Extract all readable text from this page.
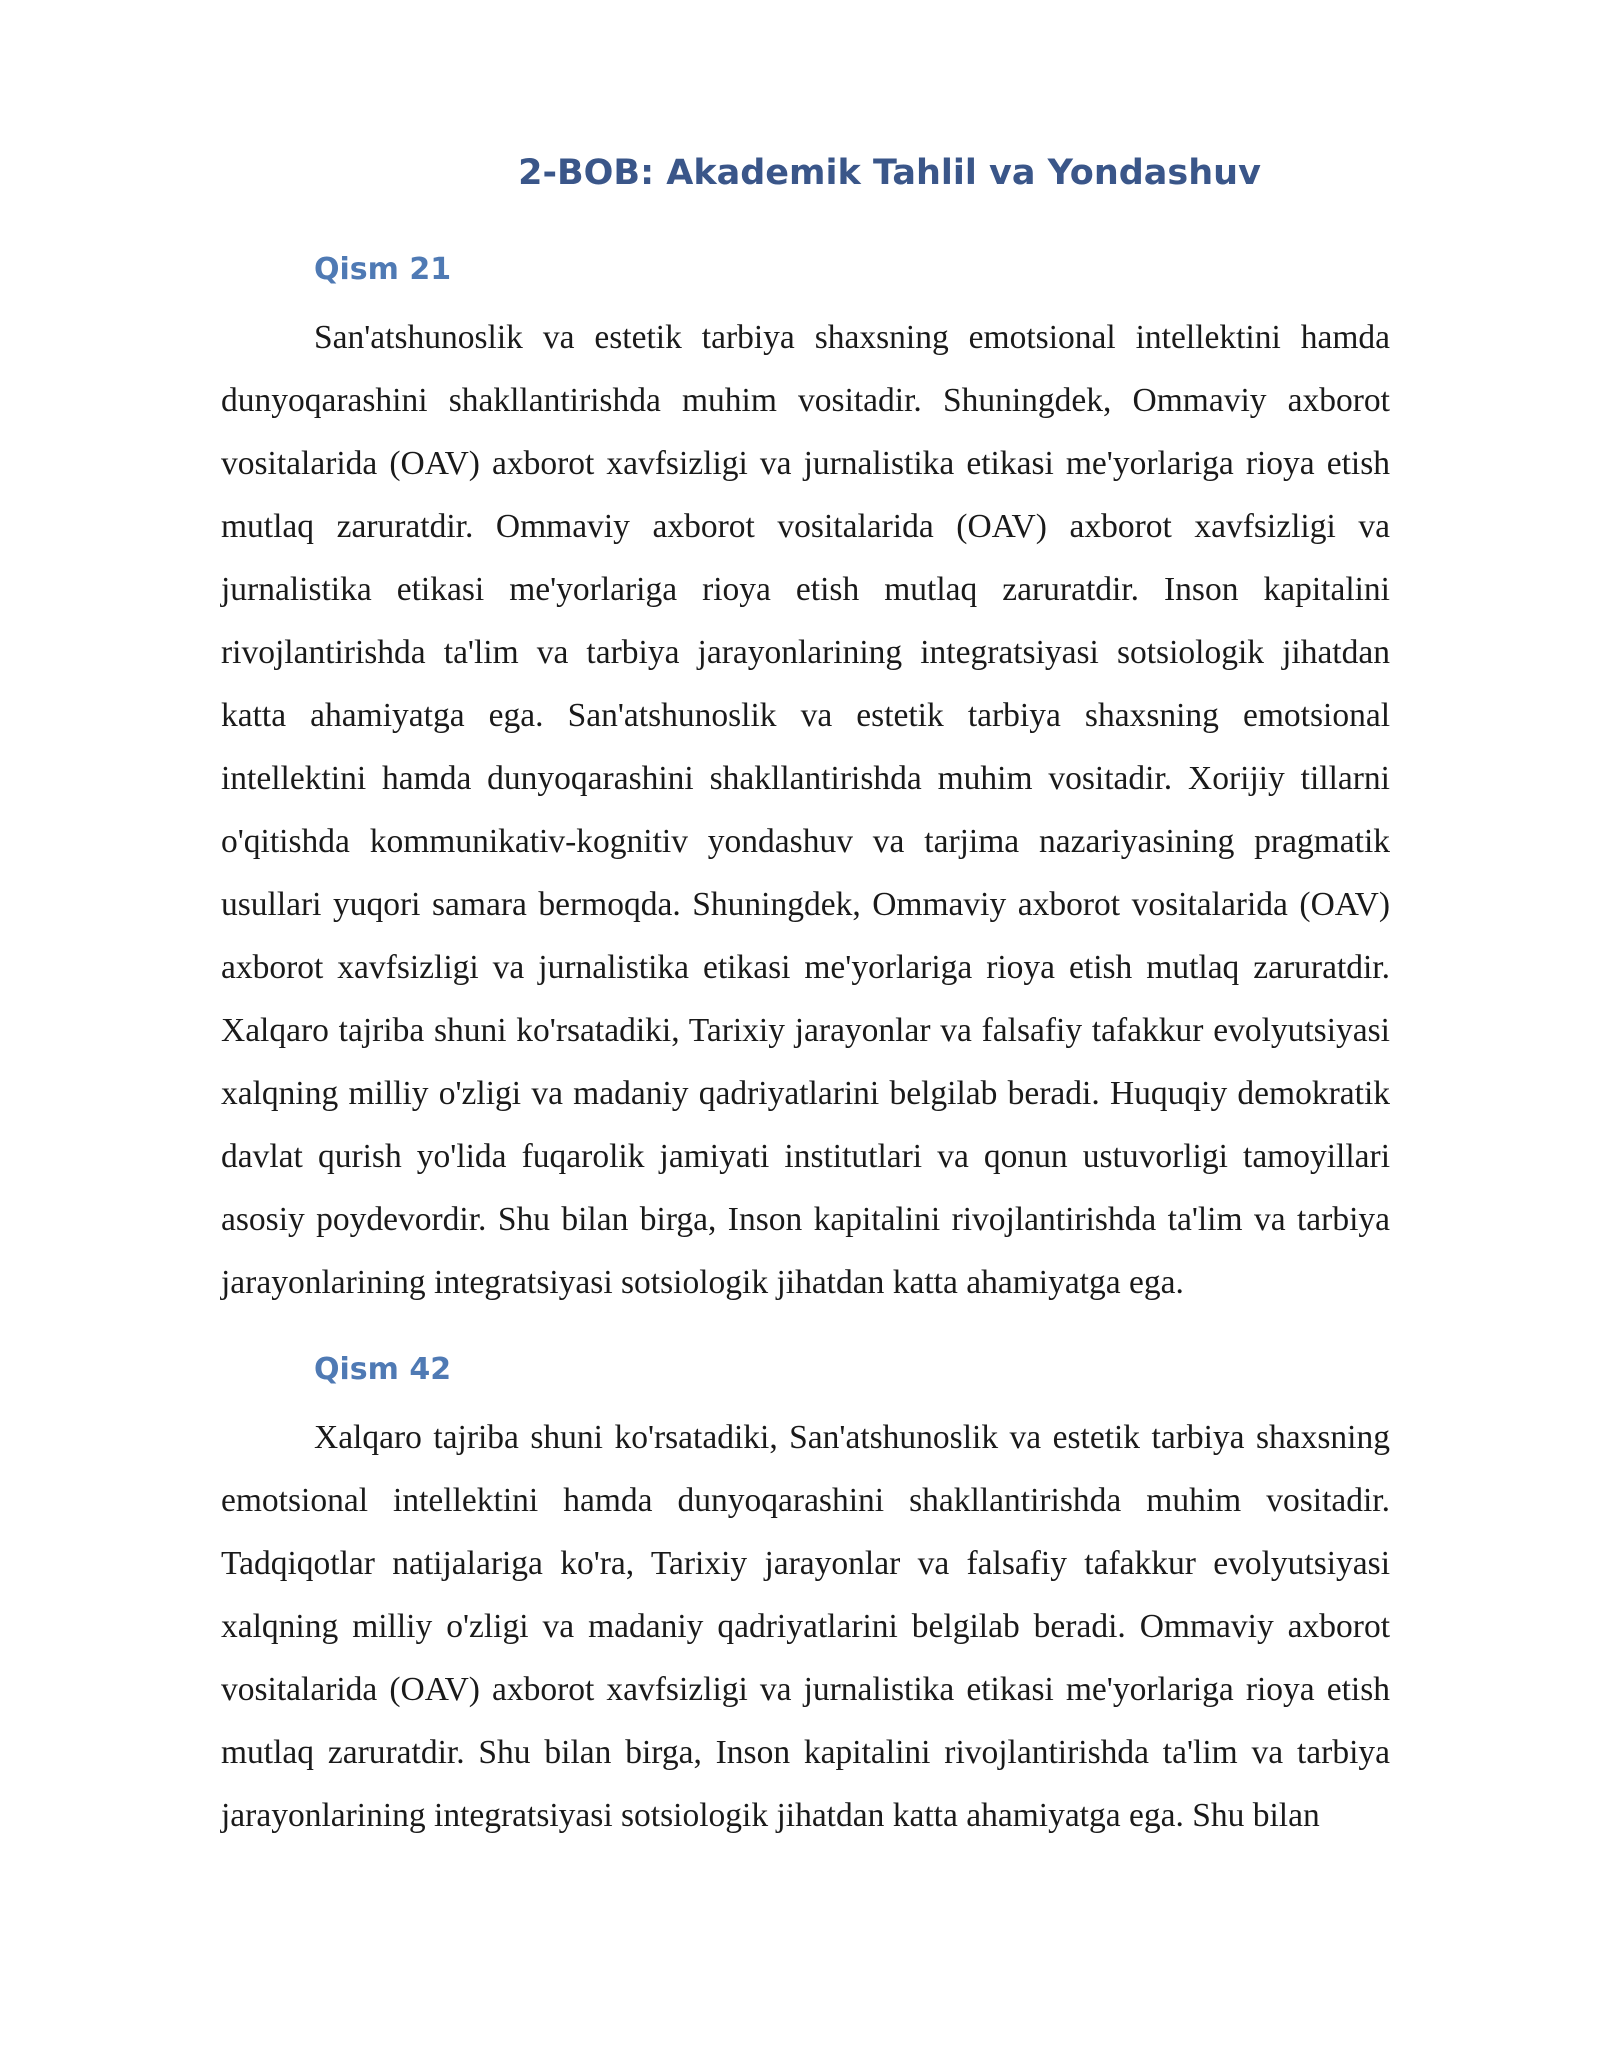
2-BOB: Akademik Tahlil va Yondashuv
Qism 21

San'atshunoslik va estetik tarbiya shaxsning emotsional intellektini hamda dunyoqarashini shakllantirishda muhim vositadir. Shuningdek, Ommaviy axborot vositalarida (OAV) axborot xavfsizligi va jurnalistika etikasi me'yorlariga rioya etish mutlaq zaruratdir. Ommaviy axborot vositalarida (OAV) axborot xavfsizligi va jurnalistika etikasi me'yorlariga rioya etish mutlaq zaruratdir. Inson kapitalini rivojlantirishda ta'lim va tarbiya jarayonlarining integratsiyasi sotsiologik jihatdan katta ahamiyatga ega. San'atshunoslik va estetik tarbiya shaxsning emotsional intellektini hamda dunyoqarashini shakllantirishda muhim vositadir. Xorijiy tillarni o'qitishda kommunikativ-kognitiv yondashuv va tarjima nazariyasining pragmatik usullari yuqori samara bermoqda. Shuningdek, Ommaviy axborot vositalarida (OAV) axborot xavfsizligi va jurnalistika etikasi me'yorlariga rioya etish mutlaq zaruratdir. Xalqaro tajriba shuni ko'rsatadiki, Tarixiy jarayonlar va falsafiy tafakkur evolyutsiyasi xalqning milliy o'zligi va madaniy qadriyatlarini belgilab beradi. Huquqiy demokratik davlat qurish yo'lida fuqarolik jamiyati institutlari va qonun ustuvorligi tamoyillari asosiy poydevordir. Shu bilan birga, Inson kapitalini rivojlantirishda ta'lim va tarbiya jarayonlarining integratsiyasi sotsiologik jihatdan katta ahamiyatga ega.

Qism 42

Xalqaro tajriba shuni ko'rsatadiki, San'atshunoslik va estetik tarbiya shaxsning emotsional intellektini hamda dunyoqarashini shakllantirishda muhim vositadir. Tadqiqotlar natijalariga ko'ra, Tarixiy jarayonlar va falsafiy tafakkur evolyutsiyasi xalqning milliy o'zligi va madaniy qadriyatlarini belgilab beradi. Ommaviy axborot vositalarida (OAV) axborot xavfsizligi va jurnalistika etikasi me'yorlariga rioya etish mutlaq zaruratdir. Shu bilan birga, Inson kapitalini rivojlantirishda ta'lim va tarbiya jarayonlarining integratsiyasi sotsiologik jihatdan katta ahamiyatga ega. Shu bilan
